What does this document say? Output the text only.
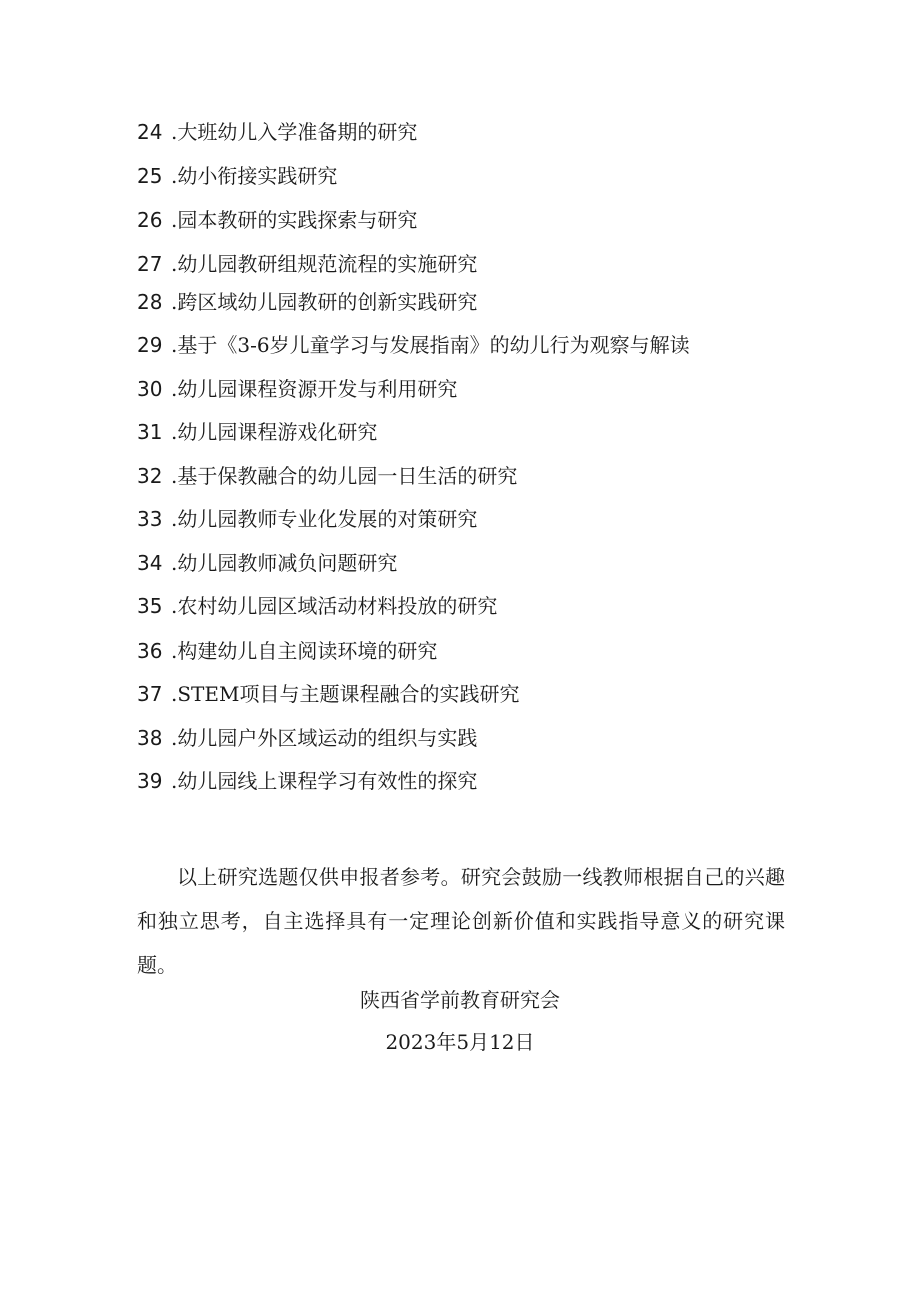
24 .大班幼儿入学准备期的研究
25 .幼小衔接实践研究
26 .园本教研的实践探索与研究
27 .幼儿园教研组规范流程的实施研究
28 .跨区域幼儿园教研的创新实践研究
29 .基于《3-6岁儿童学习与发展指南》的幼儿行为观察与解读
30 .幼儿园课程资源开发与利用研究
31 .幼儿园课程游戏化研究
32 .基于保教融合的幼儿园一日生活的研究
33 .幼儿园教师专业化发展的对策研究
34 .幼儿园教师减负问题研究
35 .农村幼儿园区域活动材料投放的研究
36 .构建幼儿自主阅读环境的研究
37 .STEM项目与主题课程融合的实践研究
38 .幼儿园户外区域运动的组织与实践
39 .幼儿园线上课程学习有效性的探究

以上研究选题仅供申报者参考。研究会鼓励一线教师根据自己的兴趣和独立思考，自主选择具有一定理论创新价值和实践指导意义的研究课题。

陕西省学前教育研究会

2023年5月12日
